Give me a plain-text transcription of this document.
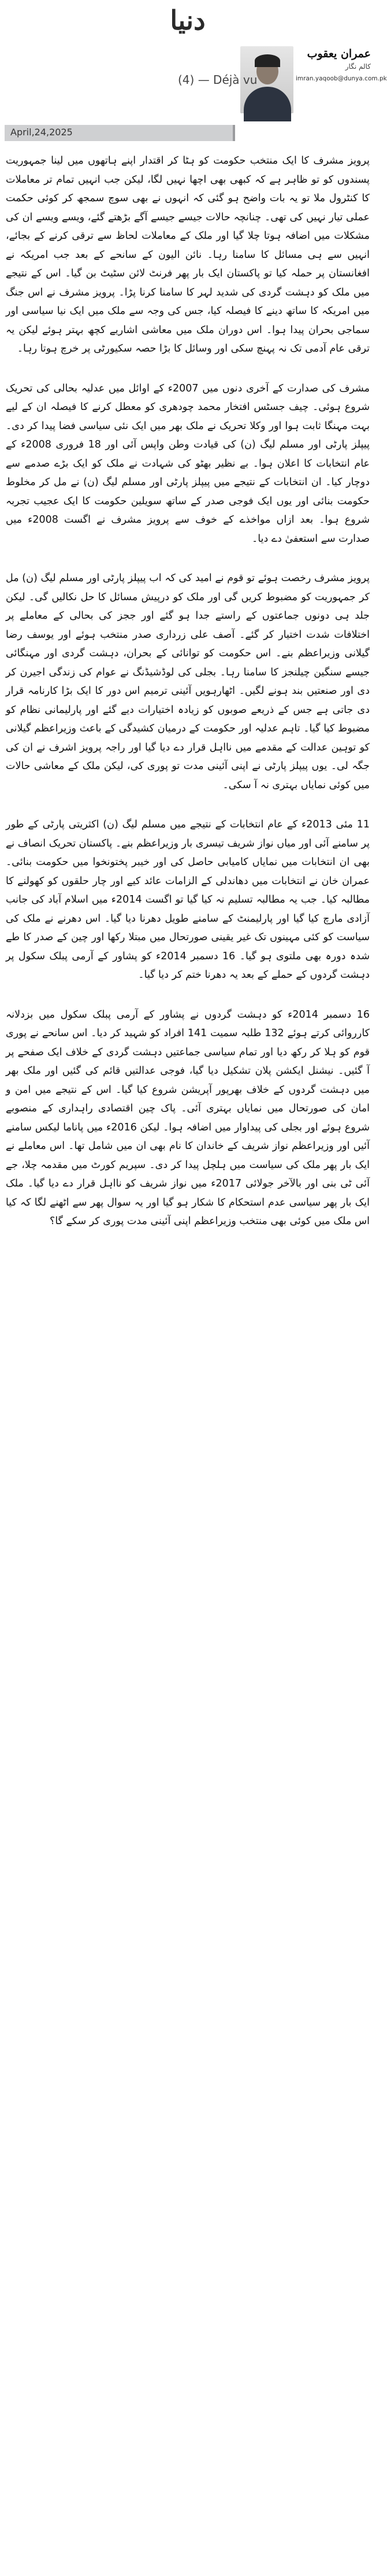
دنیا
عمران یعقوب
کالم نگار
imran.yaqoob@dunya.com.pk
(4) — Déjà vu
April,24,2025

پرویز مشرف کا ایک منتخب حکومت کو ہٹا کر اقتدار اپنے ہاتھوں میں لینا جمہوریت پسندوں کو تو ظاہر ہے کہ کبھی بھی اچھا نہیں لگا، لیکن جب انہیں تمام تر معاملات کا کنٹرول ملا تو یہ بات واضح ہو گئی کہ انہوں نے بھی سوچ سمجھ کر کوئی حکمت عملی تیار نہیں کی تھی۔ چنانچہ حالات جیسے جیسے آگے بڑھتے گئے، ویسے ویسے ان کی مشکلات میں اضافہ ہوتا چلا گیا اور ملک کے معاملات لحاظ سے ترقی کرنے کے بجائے، انہیں سے ہی مسائل کا سامنا رہا۔ نائن الیون کے سانحے کے بعد جب امریکہ نے افغانستان پر حملہ کیا تو پاکستان ایک بار پھر فرنٹ لائن سٹیٹ بن گیا۔ اس کے نتیجے میں ملک کو دہشت گردی کی شدید لہر کا سامنا کرنا پڑا۔ پرویز مشرف نے اس جنگ میں امریکہ کا ساتھ دینے کا فیصلہ کیا، جس کی وجہ سے ملک میں ایک نیا سیاسی اور سماجی بحران پیدا ہوا۔ اس دوران ملک میں معاشی اشاریے کچھ بہتر ہوئے لیکن یہ ترقی عام آدمی تک نہ پہنچ سکی اور وسائل کا بڑا حصہ سکیورٹی پر خرچ ہوتا رہا۔

مشرف کی صدارت کے آخری دنوں میں 2007ء کے اوائل میں عدلیہ بحالی کی تحریک شروع ہوئی۔ چیف جسٹس افتخار محمد چودھری کو معطل کرنے کا فیصلہ ان کے لیے بہت مہنگا ثابت ہوا اور وکلا تحریک نے ملک بھر میں ایک نئی سیاسی فضا پیدا کر دی۔ پیپلز پارٹی اور مسلم لیگ (ن) کی قیادت وطن واپس آئی اور 18 فروری 2008ء کے عام انتخابات کا اعلان ہوا۔ بے نظیر بھٹو کی شہادت نے ملک کو ایک بڑے صدمے سے دوچار کیا۔ ان انتخابات کے نتیجے میں پیپلز پارٹی اور مسلم لیگ (ن) نے مل کر مخلوط حکومت بنائی اور یوں ایک فوجی صدر کے ساتھ سویلین حکومت کا ایک عجیب تجربہ شروع ہوا۔ بعد ازاں مواخذے کے خوف سے پرویز مشرف نے اگست 2008ء میں صدارت سے استعفیٰ دے دیا۔

پرویز مشرف رخصت ہوئے تو قوم نے امید کی کہ اب پیپلز پارٹی اور مسلم لیگ (ن) مل کر جمہوریت کو مضبوط کریں گی اور ملک کو درپیش مسائل کا حل نکالیں گی۔ لیکن جلد ہی دونوں جماعتوں کے راستے جدا ہو گئے اور ججز کی بحالی کے معاملے پر اختلافات شدت اختیار کر گئے۔ آصف علی زرداری صدر منتخب ہوئے اور یوسف رضا گیلانی وزیراعظم بنے۔ اس حکومت کو توانائی کے بحران، دہشت گردی اور مہنگائی جیسے سنگین چیلنجز کا سامنا رہا۔ بجلی کی لوڈشیڈنگ نے عوام کی زندگی اجیرن کر دی اور صنعتیں بند ہونے لگیں۔ اٹھارہویں آئینی ترمیم اس دور کا ایک بڑا کارنامہ قرار دی جاتی ہے جس کے ذریعے صوبوں کو زیادہ اختیارات دیے گئے اور پارلیمانی نظام کو مضبوط کیا گیا۔ تاہم عدلیہ اور حکومت کے درمیان کشیدگی کے باعث وزیراعظم گیلانی کو توہین عدالت کے مقدمے میں نااہل قرار دے دیا گیا اور راجہ پرویز اشرف نے ان کی جگہ لی۔ یوں پیپلز پارٹی نے اپنی آئینی مدت تو پوری کی، لیکن ملک کے معاشی حالات میں کوئی نمایاں بہتری نہ آ سکی۔

11 مئی 2013ء کے عام انتخابات کے نتیجے میں مسلم لیگ (ن) اکثریتی پارٹی کے طور پر سامنے آئی اور میاں نواز شریف تیسری بار وزیراعظم بنے۔ پاکستان تحریک انصاف نے بھی ان انتخابات میں نمایاں کامیابی حاصل کی اور خیبر پختونخوا میں حکومت بنائی۔ عمران خان نے انتخابات میں دھاندلی کے الزامات عائد کیے اور چار حلقوں کو کھولنے کا مطالبہ کیا۔ جب یہ مطالبہ تسلیم نہ کیا گیا تو اگست 2014ء میں اسلام آباد کی جانب آزادی مارچ کیا گیا اور پارلیمنٹ کے سامنے طویل دھرنا دیا گیا۔ اس دھرنے نے ملک کی سیاست کو کئی مہینوں تک غیر یقینی صورتحال میں مبتلا رکھا اور چین کے صدر کا طے شدہ دورہ بھی ملتوی ہو گیا۔ 16 دسمبر 2014ء کو پشاور کے آرمی پبلک سکول پر دہشت گردوں کے حملے کے بعد یہ دھرنا ختم کر دیا گیا۔

16 دسمبر 2014ء کو دہشت گردوں نے پشاور کے آرمی پبلک سکول میں بزدلانہ کارروائی کرتے ہوئے 132 طلبہ سمیت 141 افراد کو شہید کر دیا۔ اس سانحے نے پوری قوم کو ہلا کر رکھ دیا اور تمام سیاسی جماعتیں دہشت گردی کے خلاف ایک صفحے پر آ گئیں۔ نیشنل ایکشن پلان تشکیل دیا گیا، فوجی عدالتیں قائم کی گئیں اور ملک بھر میں دہشت گردوں کے خلاف بھرپور آپریشن شروع کیا گیا۔ اس کے نتیجے میں امن و امان کی صورتحال میں نمایاں بہتری آئی۔ پاک چین اقتصادی راہداری کے منصوبے شروع ہوئے اور بجلی کی پیداوار میں اضافہ ہوا۔ لیکن 2016ء میں پاناما لیکس سامنے آئیں اور وزیراعظم نواز شریف کے خاندان کا نام بھی ان میں شامل تھا۔ اس معاملے نے ایک بار پھر ملک کی سیاست میں ہلچل پیدا کر دی۔ سپریم کورٹ میں مقدمہ چلا، جے آئی ٹی بنی اور بالآخر جولائی 2017ء میں نواز شریف کو نااہل قرار دے دیا گیا۔ ملک ایک بار پھر سیاسی عدم استحکام کا شکار ہو گیا اور یہ سوال پھر سے اٹھنے لگا کہ کیا اس ملک میں کوئی بھی منتخب وزیراعظم اپنی آئینی مدت پوری کر سکے گا؟
